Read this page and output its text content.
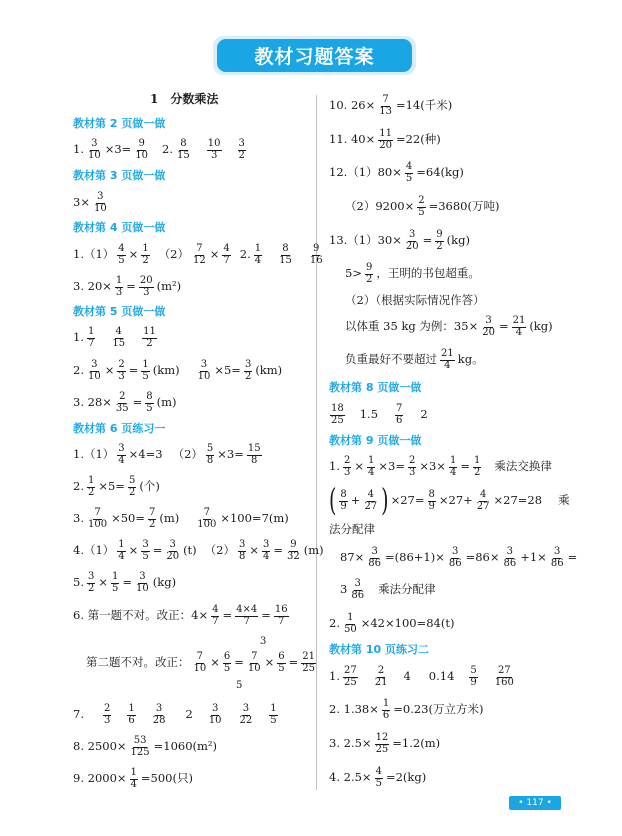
教材习题答案
1　分数乘法
教材第 2 页做一做
1. $\frac{3}{10} \times 3= \frac{9}{10} 2$. $\frac{8}{15} \frac{10}{3} \frac{3}{2}$
教材第 3 页做一做
$3\times \frac{3}{10}$
教材第 4 页做一做
$1.(1) \frac{4}{5} \times \frac{1}{2} (2) \frac{7}{12} \times \frac{4}{7} 2$. $\frac{1}{4} \frac{8}{15} \frac{9}{16}$
3. $20\times \frac{1}{3} = \frac{20}{3} (m^2)$
教材第 5 页做一做
1. $\frac{1}{7} \frac{4}{15} \frac{11}{2}$
2. $\frac{3}{10} \times \frac{2}{3} = \frac{1}{5} (km) \frac{3}{10} \times 5= \frac{3}{2} (km)$
3. $28\times \frac{2}{35} = \frac{8}{5} (m)$
教材第 6 页练习一
$1.(1) \frac{3}{4} \times 4=3$ $(2) \frac{5}{8} \times 3= \frac{15}{8}$
2. $\frac{1}{2} \times 5= \frac{5}{2}$ (个)
3. $\frac{7}{100} \times 50= \frac{7}{2} (m) \frac{7}{100} \times 100=7(m)$
$4.(1) \frac{1}{4} \times \frac{3}{5} = \frac{3}{20} (t)$ $(2) \frac{3}{8} \times \frac{3}{4} = \frac{9}{32} (m)$
5. $\frac{3}{2} \times \frac{1}{5} = \frac{3}{10} (kg)$
6. 第一题不对。改正：$4\times \frac{4}{7} = \frac{4\times 4}{7} = \frac{16}{7}$
3
第二题不对。改正： $\frac{7}{10} \times \frac{6}{5} = \frac{7}{10} \times \frac{6}{5} = \frac{21}{25}$
5
7. $\frac{2}{3} \frac{1}{6} \frac{3}{28} 2 \frac{3}{10} \frac{3}{22} \frac{1}{5}$
8. $2500\times \frac{53}{125} =1060(m^2)$
9. $2000\times \frac{1}{4} =500$(只)
10. $26\times \frac{7}{13} =14$(千米)
11. $40\times \frac{11}{20} =22$(种)
$12.(1)80\times \frac{4}{5} =64(kg)$
$(2)9200\times \frac{2}{5} =3680$(万吨)
$13.(1)30\times \frac{3}{20} = \frac{9}{2} (kg)$
$5> \frac{9}{2}$ ，王明的书包超重。
（2）（根据实际情况作答）
以体重 35 kg 为例：$35\times \frac{3}{20} = \frac{21}{4} (kg)$
负重最好不要超过 $\frac{21}{4}$ kg。
教材第 8 页做一做
$\frac{18}{25} 1.5 \frac{7}{6} 2$
教材第 9 页做一做
1. $\frac{2}{3} \times \frac{1}{4} \times 3= \frac{2}{3} \times 3\times \frac{1}{4} = \frac{1}{2}$ 乘法交换律
( $\frac{8}{9} + \frac{4}{27}$ ) $\times 27= \frac{8}{9} \times 27+ \frac{4}{27} \times 27=28$ 乘
法分配律
$87\times \frac{3}{86} =(86+1)\times \frac{3}{86} =86\times \frac{3}{86} +1\times \frac{3}{86}$ =
$3 \frac{3}{86}$ 乘法分配律
2. $\frac{1}{50} \times 42\times 100=84(t)$
教材第 10 页练习二
1. $\frac{27}{25} \frac{2}{21} 4$ $0.14 \frac{5}{9} \frac{27}{160}$
2. $1.38\times \frac{1}{6} =0.23$(万立方米)
3. $2.5\times \frac{12}{25} =1.2(m)$
4. $2.5\times \frac{4}{5} =2(kg)$
• 117 •
